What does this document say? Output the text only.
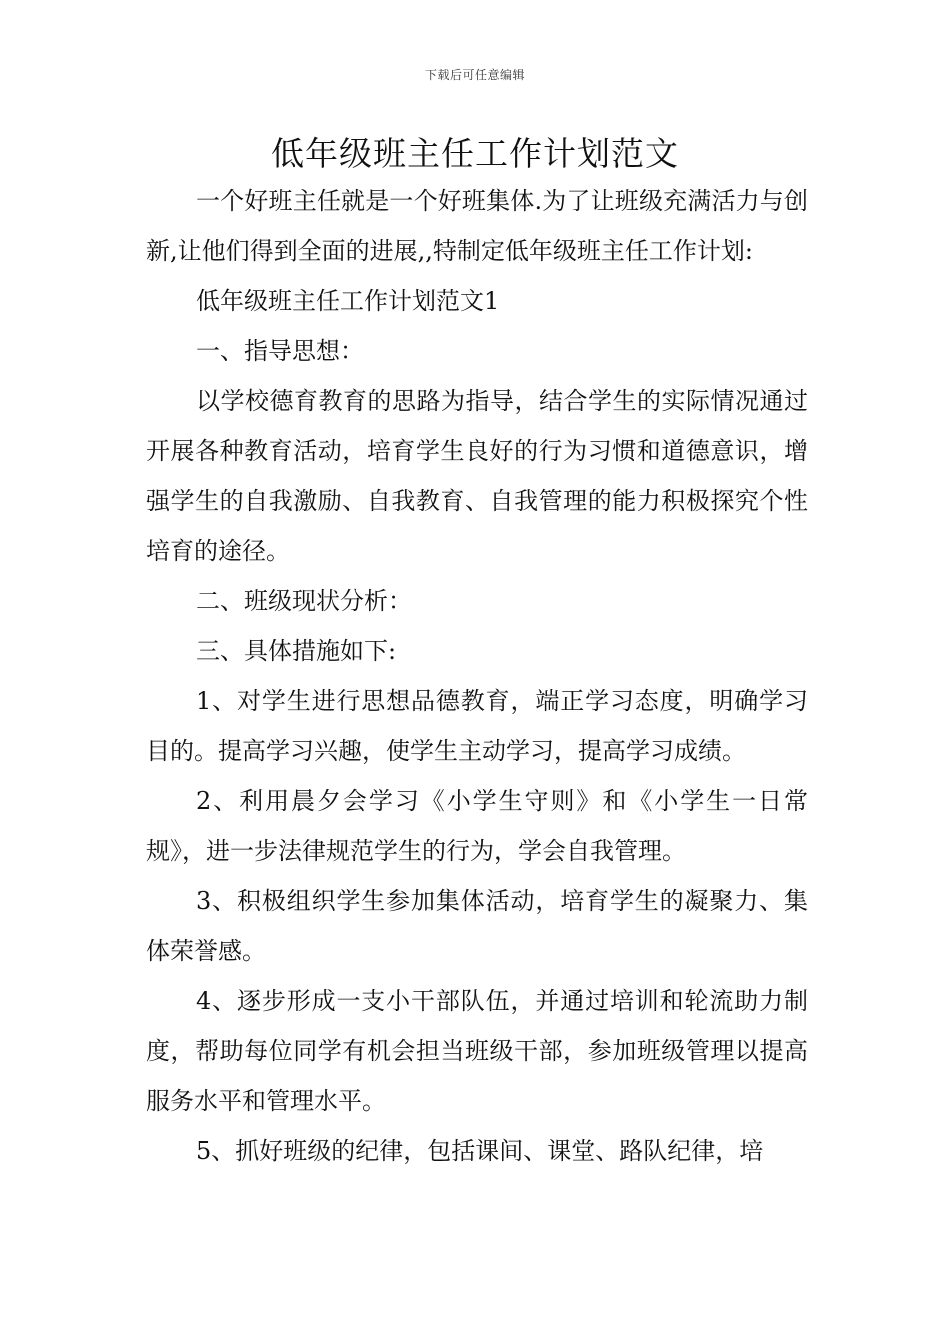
下载后可任意编辑
低年级班主任工作计划范文

一个好班主任就是一个好班集体.为了让班级充满活力与创新,让他们得到全面的进展,,特制定低年级班主任工作计划:

低年级班主任工作计划范文1

一、指导思想：

以学校德育教育的思路为指导，结合学生的实际情况通过开展各种教育活动，培育学生良好的行为习惯和道德意识，增强学生的自我激励、自我教育、自我管理的能力积极探究个性培育的途径。

二、班级现状分析：

三、具体措施如下:

1、对学生进行思想品德教育，端正学习态度，明确学习目的。提高学习兴趣，使学生主动学习，提高学习成绩。

2、利用晨夕会学习《小学生守则》和《小学生一日常规》，进一步法律规范学生的行为，学会自我管理。

3、积极组织学生参加集体活动，培育学生的凝聚力、集体荣誉感。

4、逐步形成一支小干部队伍，并通过培训和轮流助力制度，帮助每位同学有机会担当班级干部，参加班级管理以提高服务水平和管理水平。

5、抓好班级的纪律，包括课间、课堂、路队纪律，培
